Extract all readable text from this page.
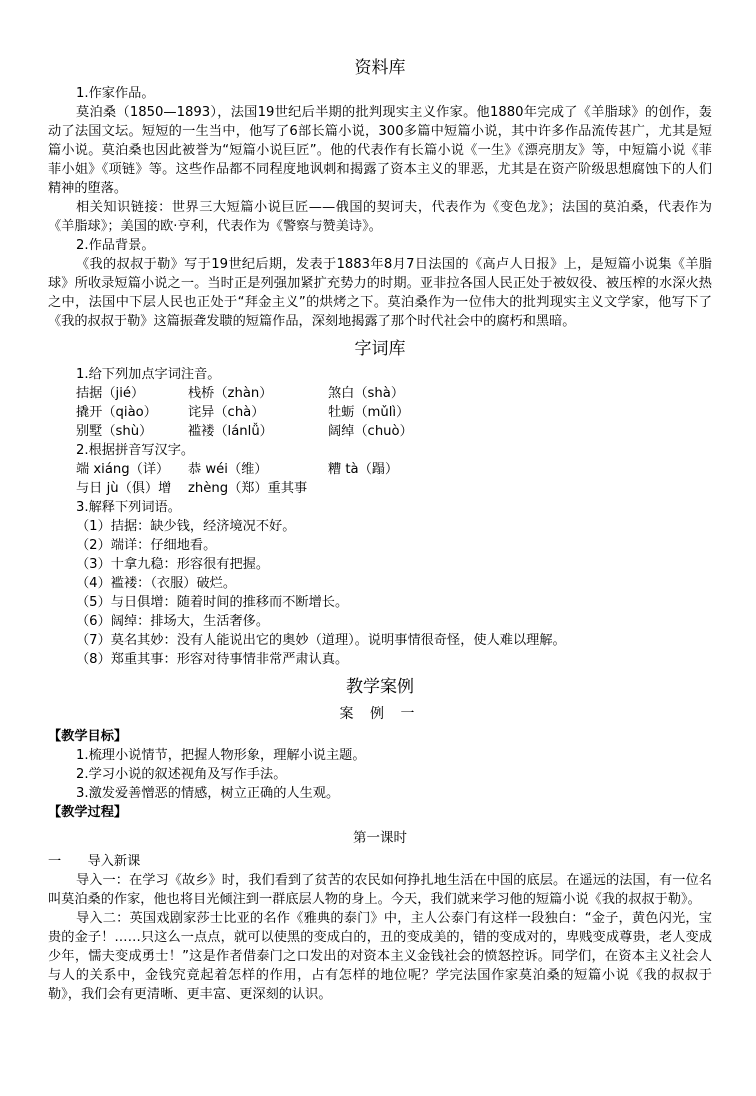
资料库

1.作家作品。

莫泊桑（1850—1893），法国19世纪后半期的批判现实主义作家。他1880年完成了《羊脂球》的创作，轰动了法国文坛。短短的一生当中，他写了6部长篇小说，300多篇中短篇小说，其中许多作品流传甚广，尤其是短篇小说。莫泊桑也因此被誉为“短篇小说巨匠”。他的代表作有长篇小说《一生》《漂亮朋友》等，中短篇小说《菲菲小姐》《项链》等。这些作品都不同程度地讽刺和揭露了资本主义的罪恶，尤其是在资产阶级思想腐蚀下的人们精神的堕落。

相关知识链接：世界三大短篇小说巨匠——俄国的契诃夫，代表作为《变色龙》；法国的莫泊桑，代表作为《羊脂球》；美国的欧·亨利，代表作为《警察与赞美诗》。

2.作品背景。

《我的叔叔于勒》写于19世纪后期，发表于1883年8月7日法国的《高卢人日报》上，是短篇小说集《羊脂球》所收录短篇小说之一。当时正是列强加紧扩充势力的时期。亚非拉各国人民正处于被奴役、被压榨的水深火热之中，法国中下层人民也正处于“拜金主义”的烘烤之下。莫泊桑作为一位伟大的批判现实主义文学家，他写下了《我的叔叔于勒》这篇振聋发聩的短篇作品，深刻地揭露了那个时代社会中的腐朽和黑暗。

字词库

1.给下列加点字词注音。

拮据（jié）	栈桥（zhàn）	煞白（shà）
撬开（qiào）	诧异（chà）	牡蛎（mǔlì）
别墅（shù）	褴褛（lánlǚ）	阔绰（chuò）

2.根据拼音写汉字。

端 xiáng（详）	恭 wéi（维）	糟 tà（蹋）
与日 jù（俱）增	zhèng（郑）重其事

3.解释下列词语。

（1）拮据：缺少钱，经济境况不好。

（2）端详：仔细地看。

（3）十拿九稳：形容很有把握。

（4）褴褛：（衣服）破烂。

（5）与日俱增：随着时间的推移而不断增长。

（6）阔绰：排场大，生活奢侈。

（7）莫名其妙：没有人能说出它的奥妙（道理）。说明事情很奇怪，使人难以理解。

（8）郑重其事：形容对待事情非常严肃认真。

教学案例
案 例 一

【教学目标】

1.梳理小说情节，把握人物形象，理解小说主题。

2.学习小说的叙述视角及写作手法。

3.激发爱善憎恶的情感，树立正确的人生观。

【教学过程】

第一课时

一　　导入新课

导入一：在学习《故乡》时，我们看到了贫苦的农民如何挣扎地生活在中国的底层。在遥远的法国，有一位名叫莫泊桑的作家，他也将目光倾注到一群底层人物的身上。今天，我们就来学习他的短篇小说《我的叔叔于勒》。

导入二：英国戏剧家莎士比亚的名作《雅典的泰门》中，主人公泰门有这样一段独白：“金子，黄色闪光，宝贵的金子！……只这么一点点，就可以使黑的变成白的，丑的变成美的，错的变成对的，卑贱变成尊贵，老人变成少年，懦夫变成勇士！”这是作者借泰门之口发出的对资本主义金钱社会的愤怒控诉。同学们，在资本主义社会人与人的关系中，金钱究竟起着怎样的作用，占有怎样的地位呢？学完法国作家莫泊桑的短篇小说《我的叔叔于勒》，我们会有更清晰、更丰富、更深刻的认识。
